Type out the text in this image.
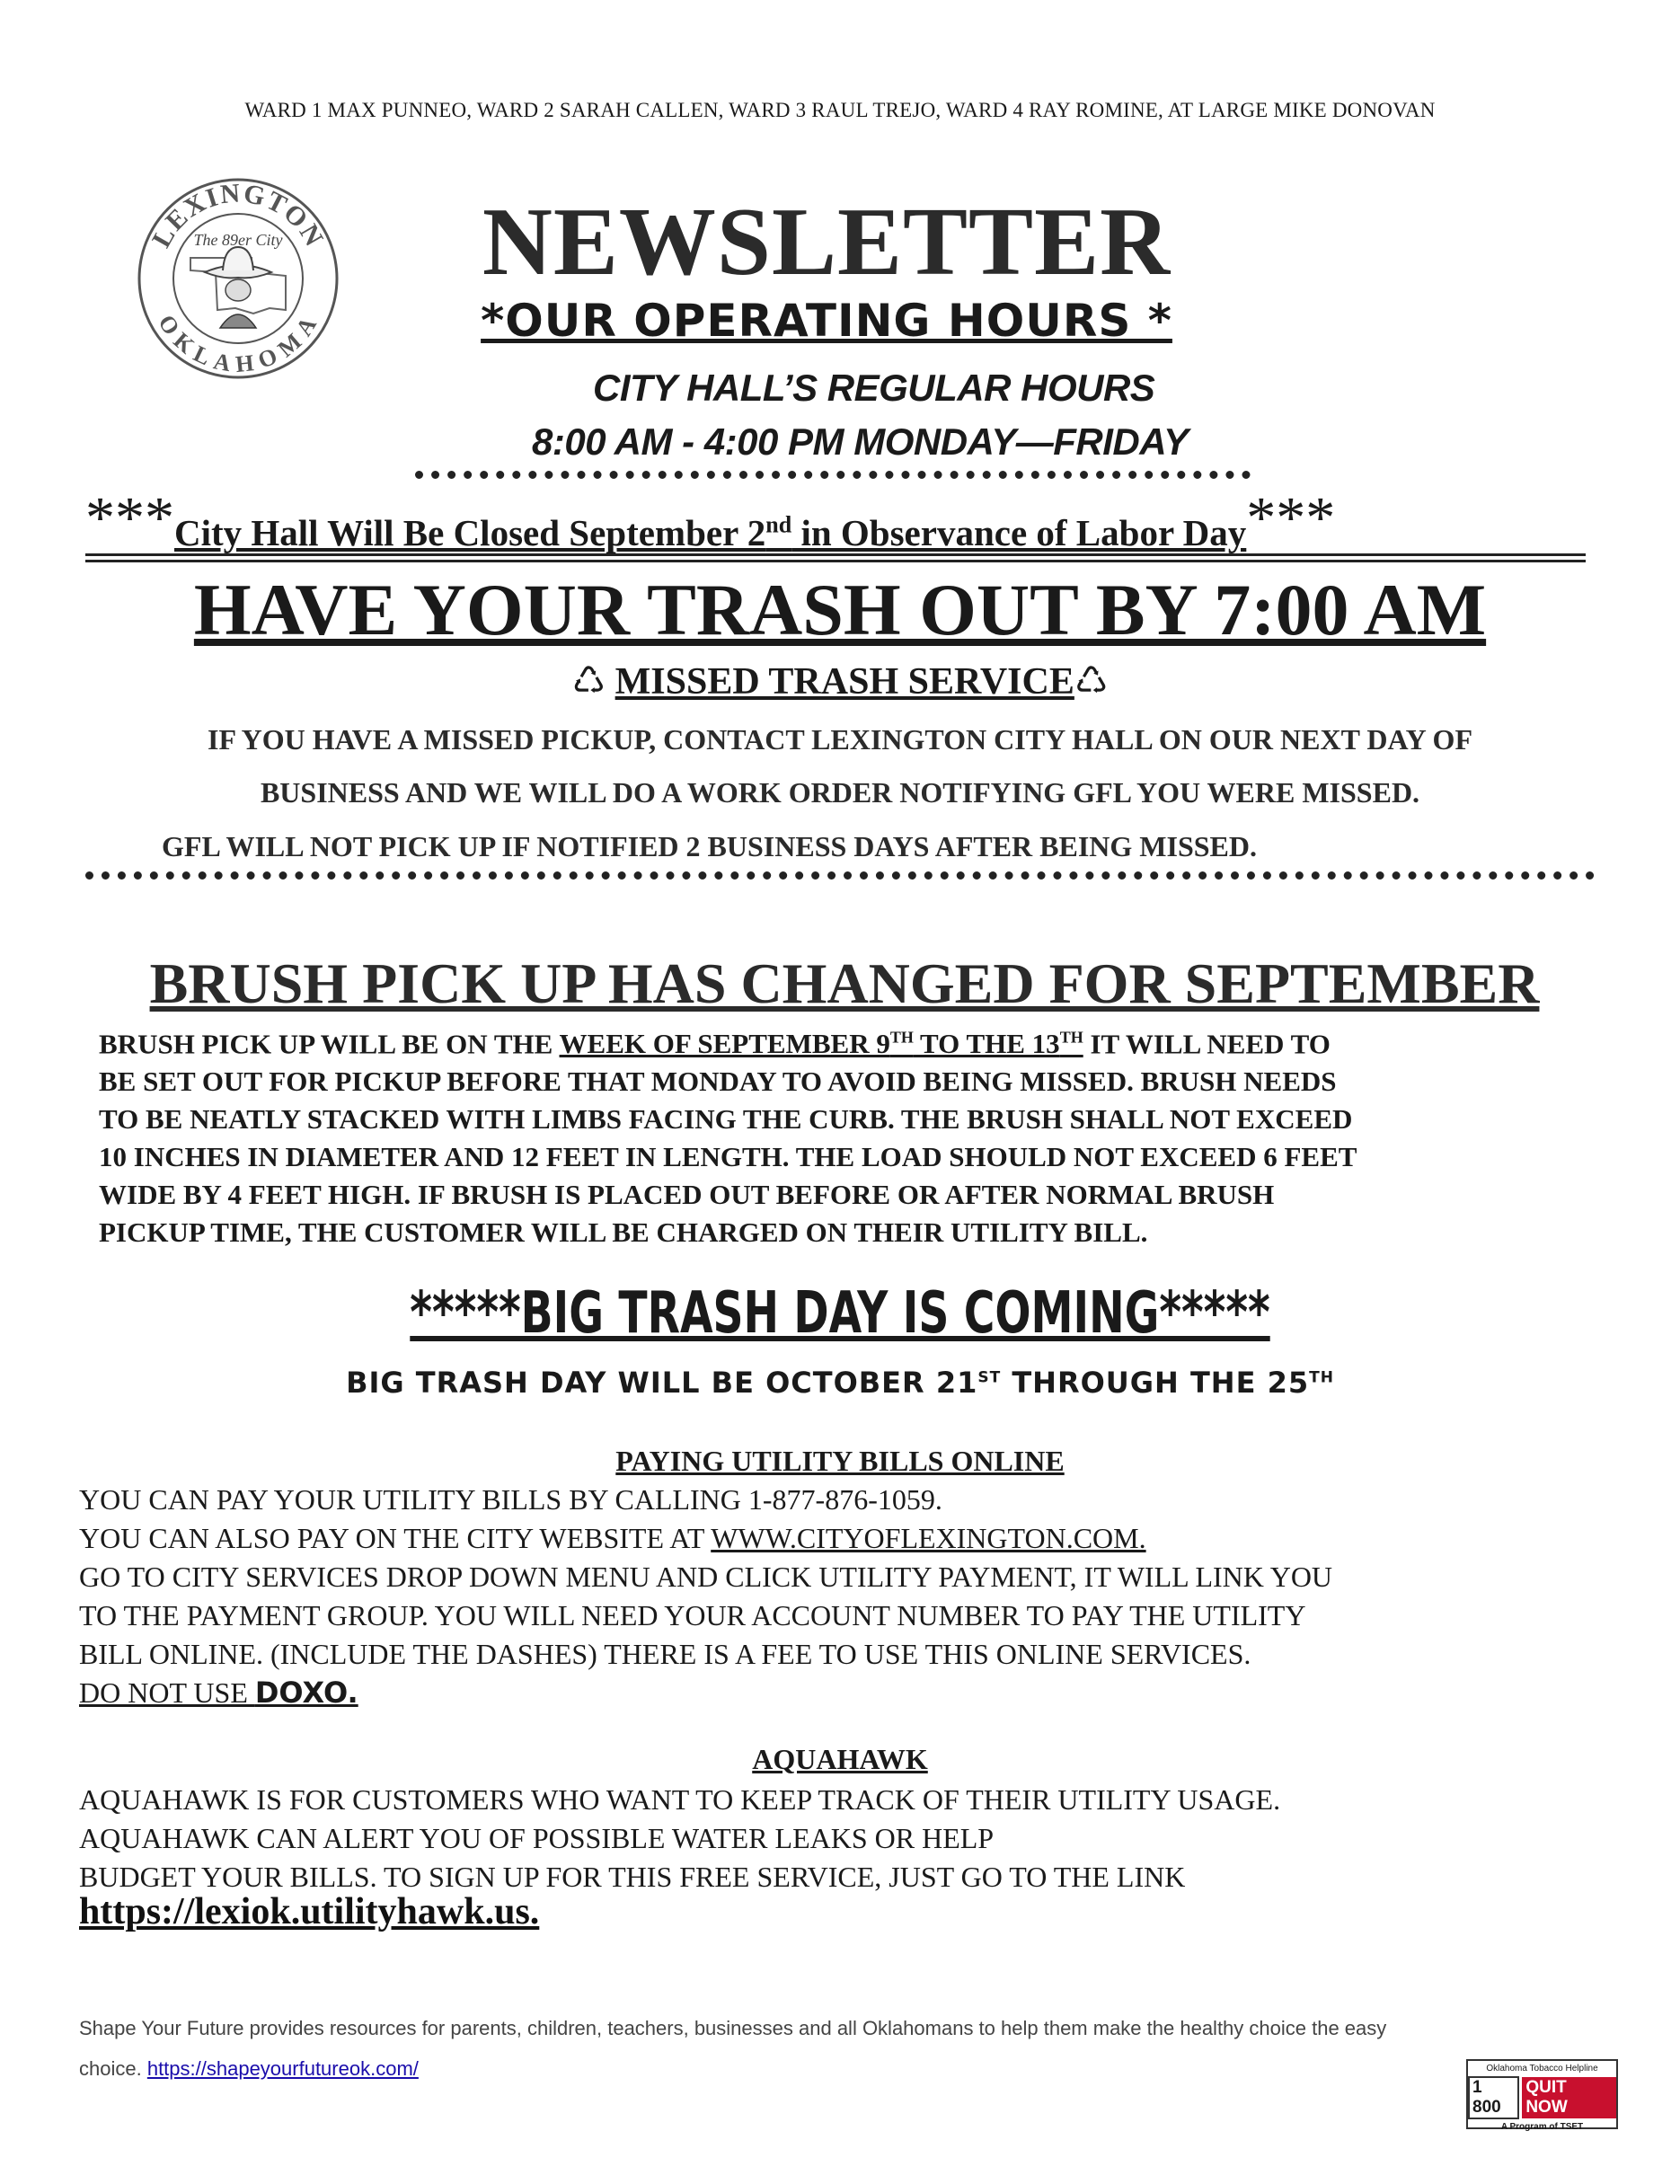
WARD 1 MAX PUNNEO, WARD 2 SARAH CALLEN, WARD 3 RAUL TREJO, WARD 4 RAY ROMINE, AT LARGE MIKE DONOVAN
LEXINGTON
OKLAHOMA
The 89er City	NEWSLETTER
*OUR OPERATING HOURS *
CITY HALL’S REGULAR HOURS
8:00 AM - 4:00 PM MONDAY—FRIDAY
***City Hall Will Be Closed September 2nd in Observance of Labor Day***
HAVE YOUR TRASH OUT BY 7:00 AM
♺ MISSED TRASH SERVICE♺
IF YOU HAVE A MISSED PICKUP, CONTACT LEXINGTON CITY HALL ON OUR NEXT DAY OF
BUSINESS AND WE WILL DO A WORK ORDER NOTIFYING GFL YOU WERE MISSED.
GFL WILL NOT PICK UP IF NOTIFIED 2 BUSINESS DAYS AFTER BEING MISSED.
BRUSH PICK UP HAS CHANGED FOR SEPTEMBER
BRUSH PICK UP WILL BE ON THE WEEK OF SEPTEMBER 9TH TO THE 13TH IT WILL NEED TO
BE SET OUT FOR PICKUP BEFORE THAT MONDAY TO AVOID BEING MISSED. BRUSH NEEDS
TO BE NEATLY STACKED WITH LIMBS FACING THE CURB. THE BRUSH SHALL NOT EXCEED
10 INCHES IN DIAMETER AND 12 FEET IN LENGTH. THE LOAD SHOULD NOT EXCEED 6 FEET
WIDE BY 4 FEET HIGH. IF BRUSH IS PLACED OUT BEFORE OR AFTER NORMAL BRUSH
PICKUP TIME, THE CUSTOMER WILL BE CHARGED ON THEIR UTILITY BILL.
*****BIG TRASH DAY IS COMING*****
BIG TRASH DAY WILL BE OCTOBER 21ST THROUGH THE 25TH
PAYING UTILITY BILLS ONLINE
YOU CAN PAY YOUR UTILITY BILLS BY CALLING 1-877-876-1059.
YOU CAN ALSO PAY ON THE CITY WEBSITE AT WWW.CITYOFLEXINGTON.COM.
GO TO CITY SERVICES DROP DOWN MENU AND CLICK UTILITY PAYMENT, IT WILL LINK YOU
TO THE PAYMENT GROUP. YOU WILL NEED YOUR ACCOUNT NUMBER TO PAY THE UTILITY
BILL ONLINE. (INCLUDE THE DASHES) THERE IS A FEE TO USE THIS ONLINE SERVICES.
DO NOT USE DOXO.
AQUAHAWK
AQUAHAWK IS FOR CUSTOMERS WHO WANT TO KEEP TRACK OF THEIR UTILITY USAGE.
AQUAHAWK CAN ALERT YOU OF POSSIBLE WATER LEAKS OR HELP
BUDGET YOUR BILLS. TO SIGN UP FOR THIS FREE SERVICE, JUST GO TO THE LINK
https://lexiok.utilityhawk.us.
Shape Your Future provides resources for parents, children, teachers, businesses and all Oklahomans to help them make the healthy choice the easy
choice. https://shapeyourfutureok.com/	Oklahoma Tobacco Helpline
1 800
QUIT NOW
A Program of TSET
